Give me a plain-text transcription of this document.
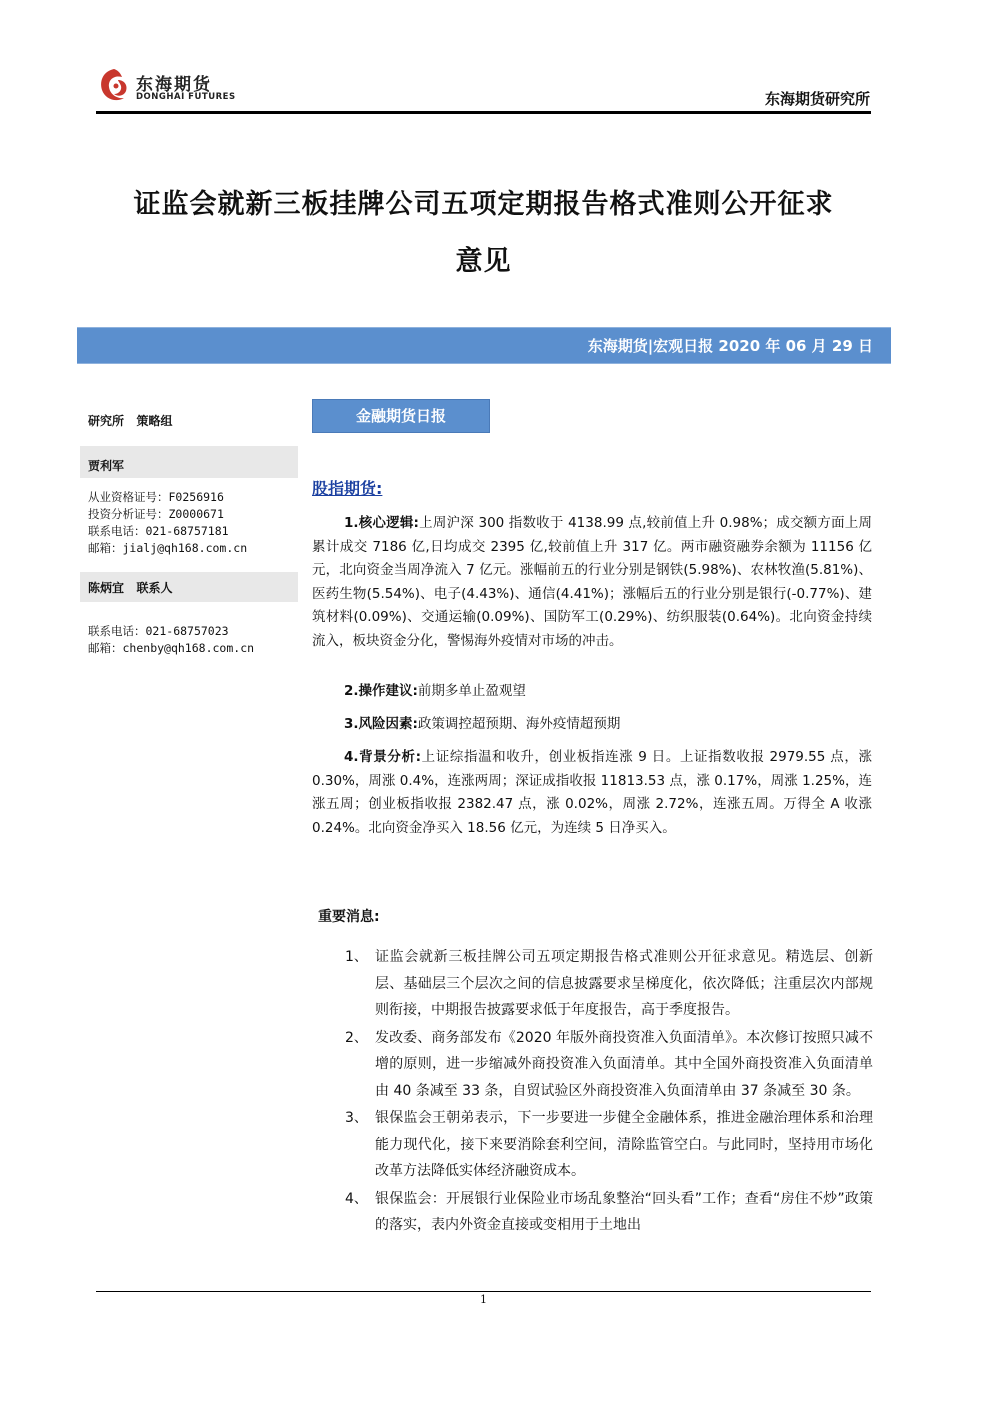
东海期货
DONGHAI FUTURES	东海期货研究所
证监会就新三板挂牌公司五项定期报告格式准则公开征求
意见
东海期货|宏观日报 2020 年 06 月 29 日
研究所   策略组
贾利军
从业资格证号：F0256916
投资分析证号：Z0000671
联系电话：021-68757181
邮箱：jialj@qh168.com.cn
陈炳宜   联系人
联系电话：021-68757023
邮箱：chenby@qh168.com.cn
金融期货日报
股指期货:
1.核心逻辑:上周沪深 300 指数收于 4138.99 点,较前值上升 0.98%；成交额方面上周累计成交 7186 亿,日均成交 2395 亿,较前值上升 317 亿。两市融资融券余额为 11156 亿元，北向资金当周净流入 7 亿元。涨幅前五的行业分别是钢铁(5.98%)、农林牧渔(5.81%)、医药生物(5.54%)、电子(4.43%)、通信(4.41%)；涨幅后五的行业分别是银行(-0.77%)、建筑材料(0.09%)、交通运输(0.09%)、国防军工(0.29%)、纺织服装(0.64%)。北向资金持续流入，板块资金分化，警惕海外疫情对市场的冲击。
2.操作建议:前期多单止盈观望
3.风险因素:政策调控超预期、海外疫情超预期
4.背景分析:上证综指温和收升，创业板指连涨 9 日。上证指数收报 2979.55 点，涨 0.30%，周涨 0.4%，连涨两周；深证成指收报 11813.53 点，涨 0.17%，周涨 1.25%，连涨五周；创业板指收报 2382.47 点，涨 0.02%，周涨 2.72%，连涨五周。万得全 A 收涨 0.24%。北向资金净买入 18.56 亿元，为连续 5 日净买入。
重要消息:
1、 证监会就新三板挂牌公司五项定期报告格式准则公开征求意见。精选层、创新层、基础层三个层次之间的信息披露要求呈梯度化，依次降低；注重层次内部规则衔接，中期报告披露要求低于年度报告，高于季度报告。
2、 发改委、商务部发布《2020 年版外商投资准入负面清单》。本次修订按照只减不增的原则，进一步缩减外商投资准入负面清单。其中全国外商投资准入负面清单由 40 条减至 33 条，自贸试验区外商投资准入负面清单由 37 条减至 30 条。
3、 银保监会王朝弟表示，下一步要进一步健全金融体系，推进金融治理体系和治理能力现代化，接下来要消除套利空间，清除监管空白。与此同时，坚持用市场化改革方法降低实体经济融资成本。
4、 银保监会：开展银行业保险业市场乱象整治“回头看”工作；查看“房住不炒”政策的落实，表内外资金直接或变相用于土地出
1
